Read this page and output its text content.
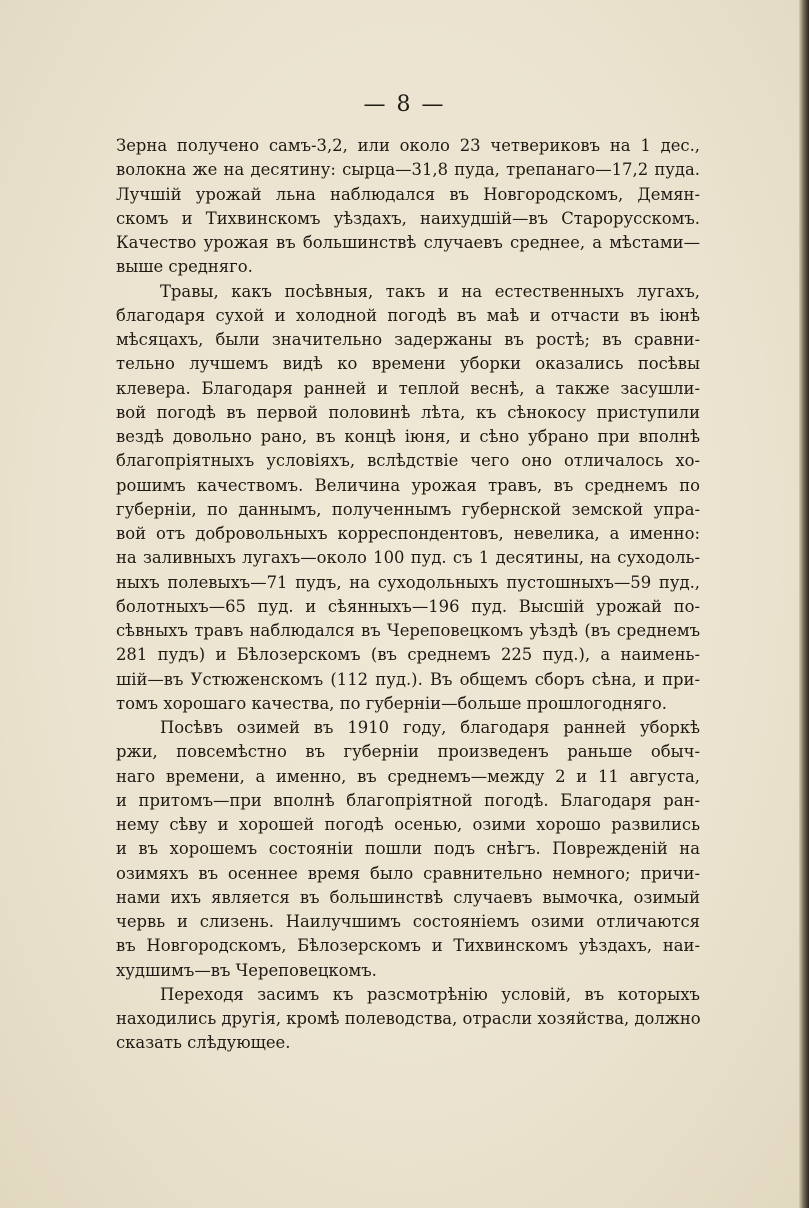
— 8 —
Зерна получено самъ-3,2, или около 23 четвериковъ на 1 дес.,
волокна же на десятину: сырца—31,8 пуда, трепанаго—17,2 пуда.
Лучшій урожай льна наблюдался въ Новгородскомъ, Демян-
скомъ и Тихвинскомъ уѣздахъ, наихудшій—въ Старорусскомъ.
Качество урожая въ большинствѣ случаевъ среднее, а мѣстами—
выше средняго.
Травы, какъ посѣвныя, такъ и на естественныхъ лугахъ,
благодаря сухой и холодной погодѣ въ маѣ и отчасти въ іюнѣ
мѣсяцахъ, были значительно задержаны въ ростѣ; въ сравни-
тельно лучшемъ видѣ ко времени уборки оказались посѣвы
клевера. Благодаря ранней и теплой веснѣ, а также засушли-
вой погодѣ въ первой половинѣ лѣта, къ сѣнокосу приступили
вездѣ довольно рано, въ концѣ іюня, и сѣно убрано при вполнѣ
благопріятныхъ условіяхъ, вслѣдствіе чего оно отличалось хо-
рошимъ качествомъ. Величина урожая травъ, въ среднемъ по
губерніи, по даннымъ, полученнымъ губернской земской упра-
вой отъ добровольныхъ корреспондентовъ, невелика, а именно:
на заливныхъ лугахъ—около 100 пуд. съ 1 десятины, на суходоль-
ныхъ полевыхъ—71 пудъ, на суходольныхъ пустошныхъ—59 пуд.,
болотныхъ—65 пуд. и сѣянныхъ—196 пуд. Высшій урожай по-
сѣвныхъ травъ наблюдался въ Череповецкомъ уѣздѣ (въ среднемъ
281 пудъ) и Бѣлозерскомъ (въ среднемъ 225 пуд.), а наимень-
шій—въ Устюженскомъ (112 пуд.). Въ общемъ сборъ сѣна, и при-
томъ хорошаго качества, по губерніи—больше прошлогодняго.
Посѣвъ озимей въ 1910 году, благодаря ранней уборкѣ
ржи, повсемѣстно въ губерніи произведенъ раньше обыч-
наго времени, а именно, въ среднемъ—между 2 и 11 августа,
и притомъ—при вполнѣ благопріятной погодѣ. Благодаря ран-
нему сѣву и хорошей погодѣ осенью, озими хорошо развились
и въ хорошемъ состояніи пошли подъ снѣгъ. Поврежденій на
озимяхъ въ осеннее время было сравнительно немного; причи-
нами ихъ является въ большинствѣ случаевъ вымочка, озимый
червь и слизень. Наилучшимъ состояніемъ озими отличаются
въ Новгородскомъ, Бѣлозерскомъ и Тихвинскомъ уѣздахъ, наи-
худшимъ—въ Череповецкомъ.
Переходя засимъ къ разсмотрѣнію условій, въ которыхъ
находились другія, кромѣ полеводства, отрасли хозяйства, должно
сказать слѣдующее.
